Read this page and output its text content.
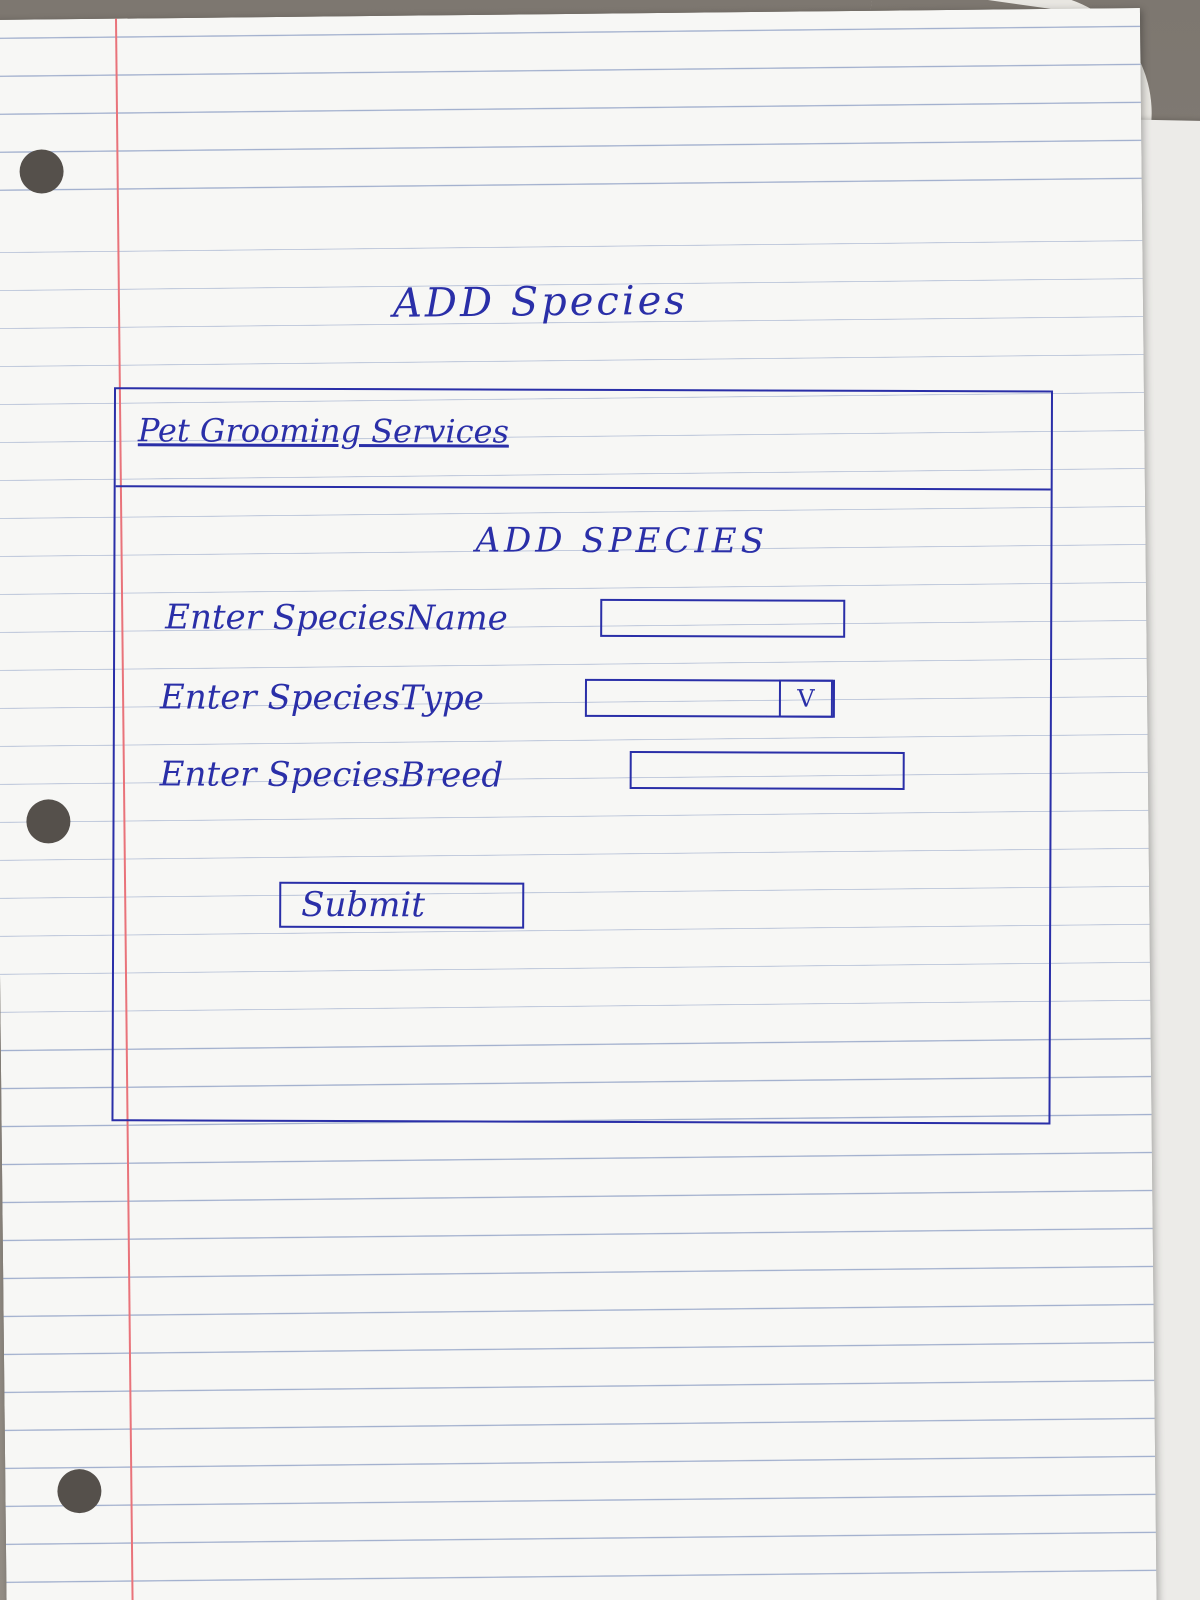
ADD Species
Pet Grooming Services
ADD SPECIES
Enter SpeciesName
Enter SpeciesType	V
Enter SpeciesBreed
Submit
